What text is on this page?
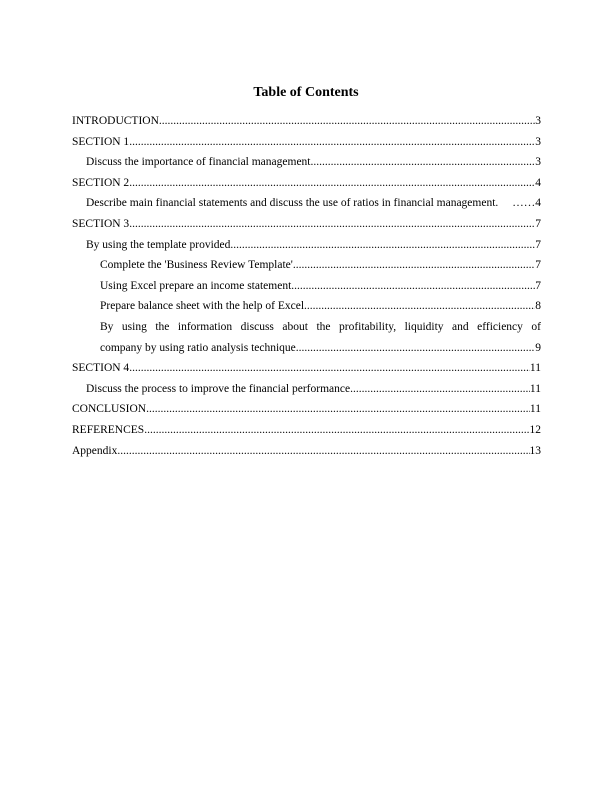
Table of Contents
INTRODUCTION .....	3
SECTION 1 .....	3
Discuss the importance of financial management .....	3
SECTION 2 .....	4
Describe main financial statements and discuss the use of ratios in financial management. ……	4
SECTION 3 .....	7
By using the template provided .....	7
Complete the 'Business Review Template' .....	7
Using Excel prepare an income statement .....	7
Prepare balance sheet with the help of Excel .....	8
By using the information discuss about the profitability, liquidity and efficiency of
company by using ratio analysis technique .....	9
SECTION 4 .....	11
Discuss the process to improve the financial performance .....	11
CONCLUSION .....	11
REFERENCES .....	12
Appendix .....	13
